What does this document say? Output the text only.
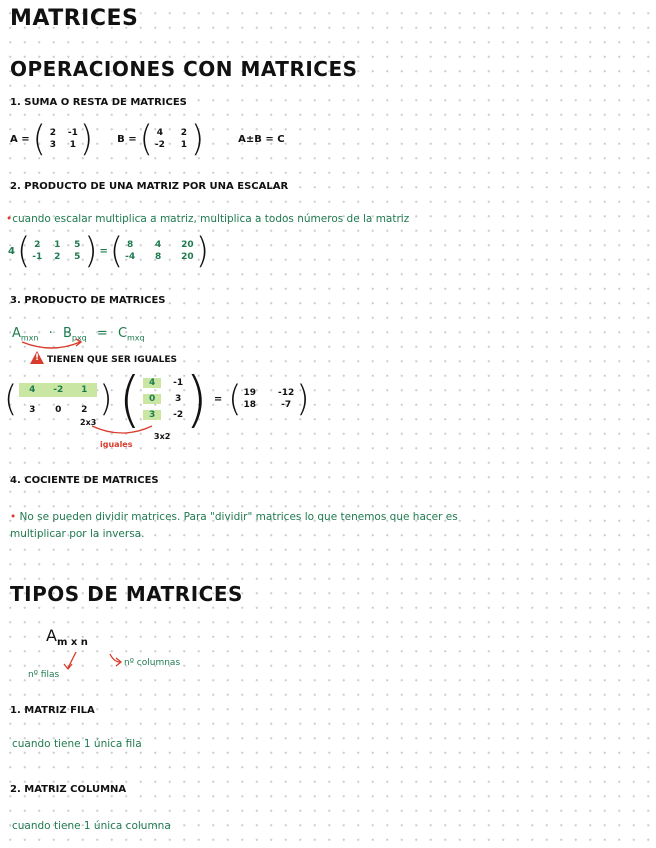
MATRICES
OPERACIONES CON MATRICES
1. SUMA O RESTA DE MATRICES
A = ( 2 -1
3 1 ) B = ( 4 2
-2 1 )	A±B = C
2. PRODUCTO DE UNA MATRIZ POR UNA ESCALAR
•cuando escalar multiplica a matriz, multiplica a todos números de la matriz
4 ( 2 1 5
-1 2 5 ) = ( 8 4 20
-4 8 20 )
3. PRODUCTO DE MATRICES
$A_{mxn} \cdot B_{pxq} = C_{mxq}$
! TIENEN QUE SER IGUALES
(	4	-2	1
3	0	2 ) ( 4	-1
0	3
3	-2 ) = ( 19 -12
18	-7 )
2x3
3x2
iguales
4. COCIENTE DE MATRICES
• No se pueden dividir matrices. Para "dividir" matrices lo que tenemos que hacer es
multiplicar por la inversa.
TIPOS DE MATRICES
$A_{m x n}$
nº filas
nº columnas
1. MATRIZ FILA
cuando tiene 1 única fila
2. MATRIZ COLUMNA
cuando tiene 1 única columna
